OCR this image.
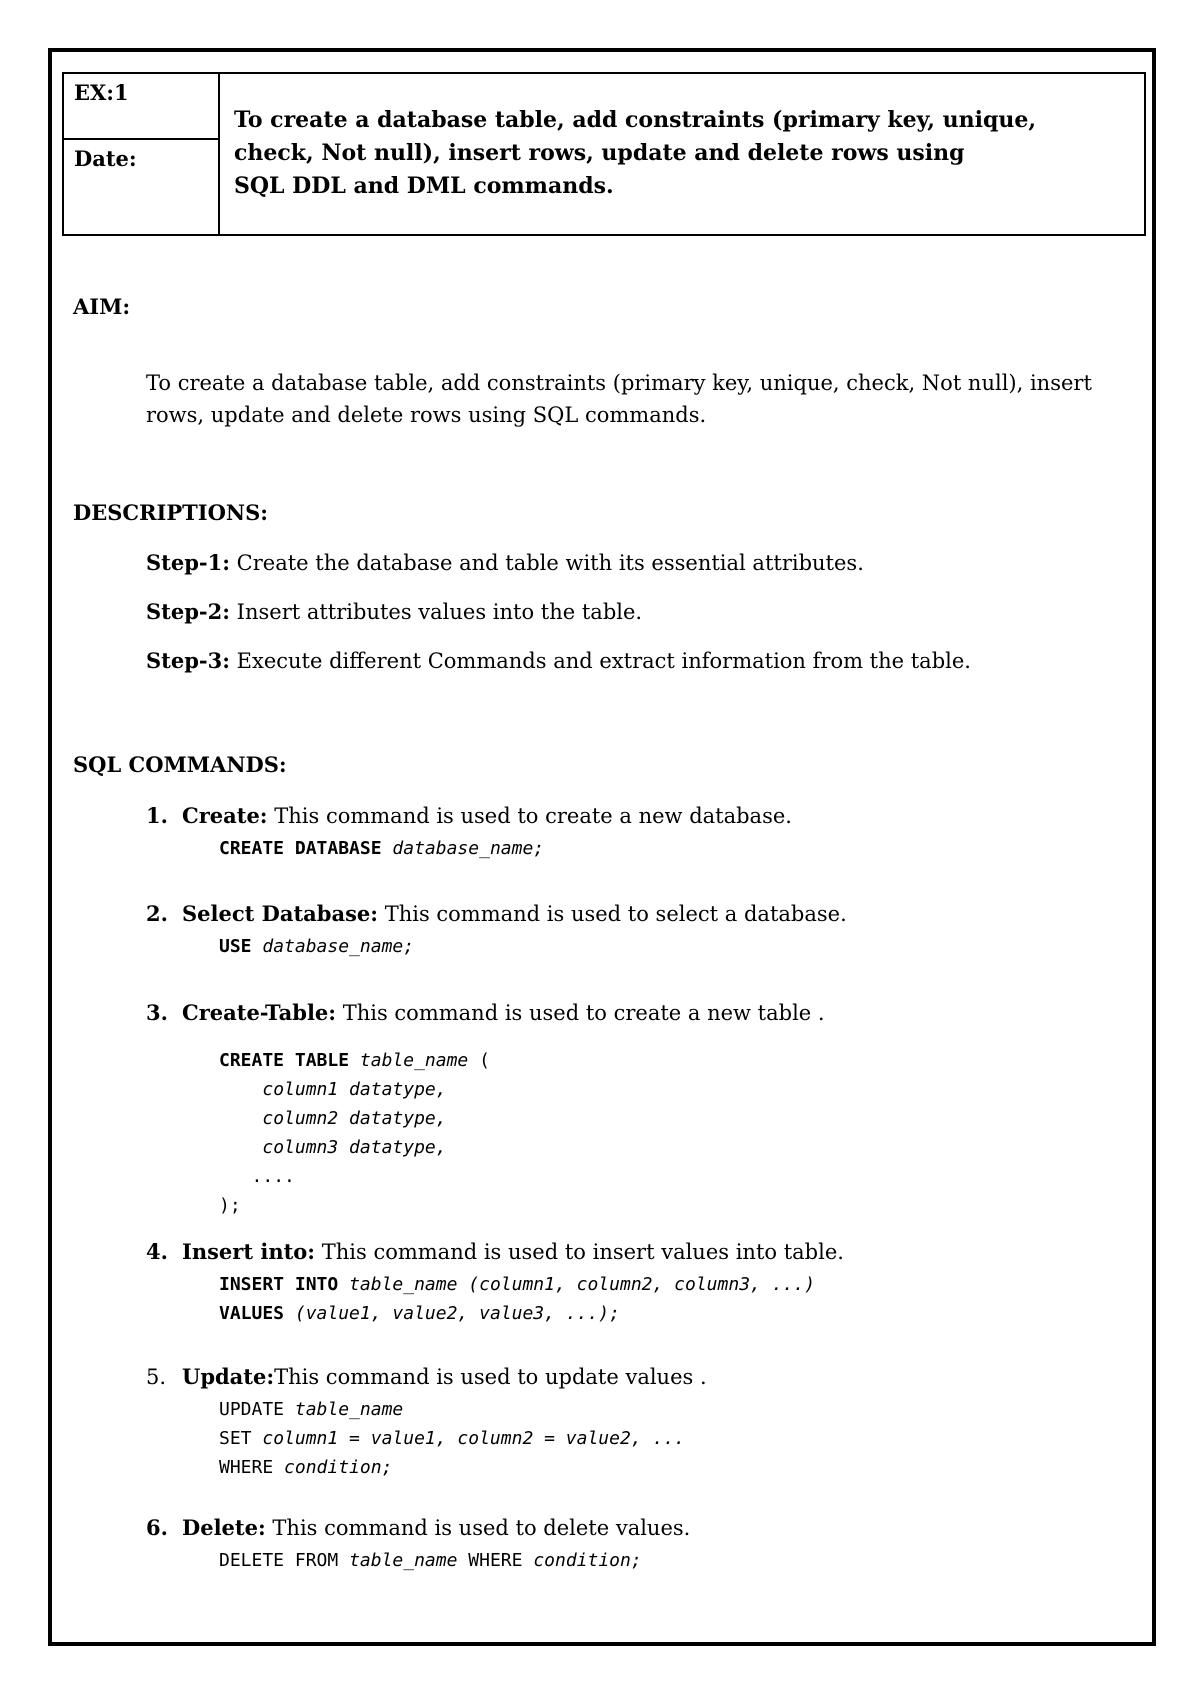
EX:1
Date:
To create a database table, add constraints (primary key, unique,
check, Not null), insert rows, update and delete rows using
SQL DDL and DML commands.
AIM:
To create a database table, add constraints (primary key, unique, check, Not null), insert
rows, update and delete rows using SQL commands.
DESCRIPTIONS:
Step-1: Create the database and table with its essential attributes.
Step-2: Insert attributes values into the table.
Step-3: Execute different Commands and extract information from the table.
SQL COMMANDS:
1. Create: This command is used to create a new database.
CREATE DATABASE database_name;
2. Select Database: This command is used to select a database.
USE database_name;
3. Create-Table: This command is used to create a new table .
CREATE TABLE table_name (
column1 datatype,
column2 datatype,
column3 datatype,
....
);
4. Insert into: This command is used to insert values into table.
INSERT INTO table_name (column1, column2, column3, ...)
VALUES (value1, value2, value3, ...);
5. Update:This command is used to update values .
UPDATE table_name
SET column1 = value1, column2 = value2, ...
WHERE condition;
6. Delete: This command is used to delete values.
DELETE FROM table_name WHERE condition;
